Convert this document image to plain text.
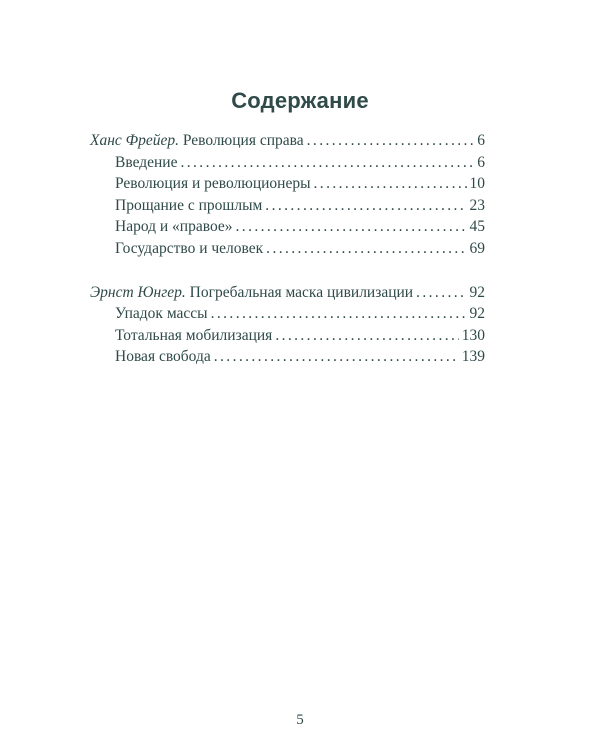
Содержание
Ханс Фрейер. Революция справа .....	6
Введение .....	6
Революция и революционеры .....	10
Прощание с прошлым .....	23
Народ и «правое» .....	45
Государство и человек .....	69
Эрнст Юнгер. Погребальная маска цивилизации .....	92
Упадок массы .....	92
Тотальная мобилизация .....	130
Новая свобода .....	139
5
